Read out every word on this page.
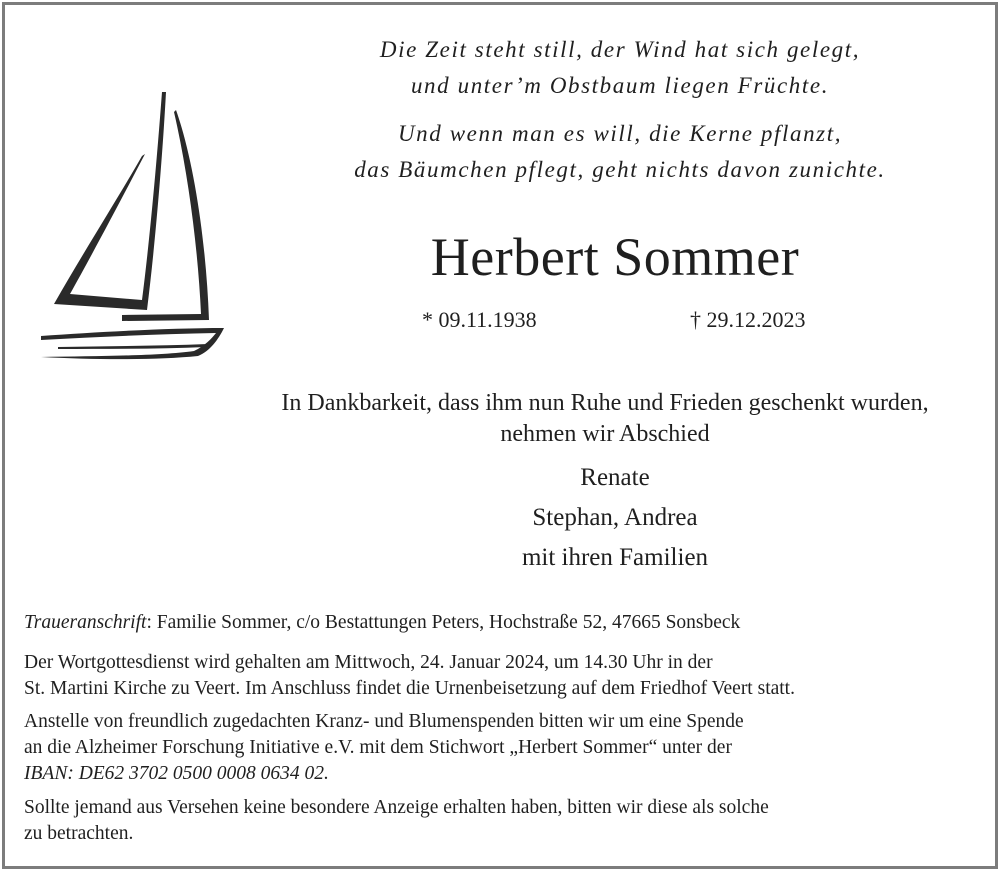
Die Zeit steht still, der Wind hat sich gelegt,
und unter’m Obstbaum liegen Früchte.
Und wenn man es will, die Kerne pflanzt,
das Bäumchen pflegt, geht nichts davon zunichte.
Herbert Sommer
* 09.11.1938	† 29.12.2023
In Dankbarkeit, dass ihm nun Ruhe und Frieden geschenkt wurden,
nehmen wir Abschied
Renate
Stephan, Andrea
mit ihren Familien
Traueranschrift: Familie Sommer, c/o Bestattungen Peters, Hochstraße 52, 47665 Sonsbeck
Der Wortgottesdienst wird gehalten am Mittwoch, 24. Januar 2024, um 14.30 Uhr in der
St. Martini Kirche zu Veert. Im Anschluss findet die Urnenbeisetzung auf dem Friedhof Veert statt.
Anstelle von freundlich zugedachten Kranz- und Blumenspenden bitten wir um eine Spende
an die Alzheimer Forschung Initiative e.V. mit dem Stichwort „Herbert Sommer“ unter der
IBAN: DE62 3702 0500 0008 0634 02.
Sollte jemand aus Versehen keine besondere Anzeige erhalten haben, bitten wir diese als solche
zu betrachten.
